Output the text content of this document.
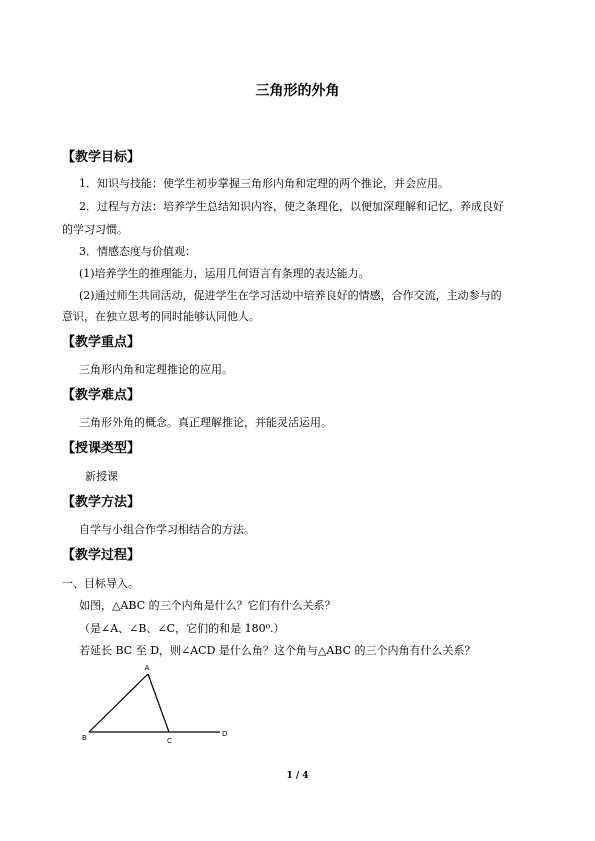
三角形的外角
【教学目标】
1．知识与技能：使学生初步掌握三角形内角和定理的两个推论，并会应用。
2．过程与方法：培养学生总结知识内容，使之条理化，以便加深理解和记忆，养成良好
的学习习惯。
3．情感态度与价值观：
(1)培养学生的推理能力，运用几何语言有条理的表达能力。
(2)通过师生共同活动，促进学生在学习活动中培养良好的情感，合作交流，主动参与的
意识，在独立思考的同时能够认同他人。
【教学重点】
三角形内角和定理推论的应用。
【教学难点】
三角形外角的概念。真正理解推论，并能灵活运用。
【授课类型】
新授课
【教学方法】
自学与小组合作学习相结合的方法。
【教学过程】
一、目标导入。
如图，△ABC 的三个内角是什么？它们有什么关系？
（是∠A、∠B、∠C，它们的和是 180⁰.）
若延长 BC 至 D，则∠ACD 是什么角？这个角与△ABC 的三个内角有什么关系？
A
B	C
D
1 / 4
